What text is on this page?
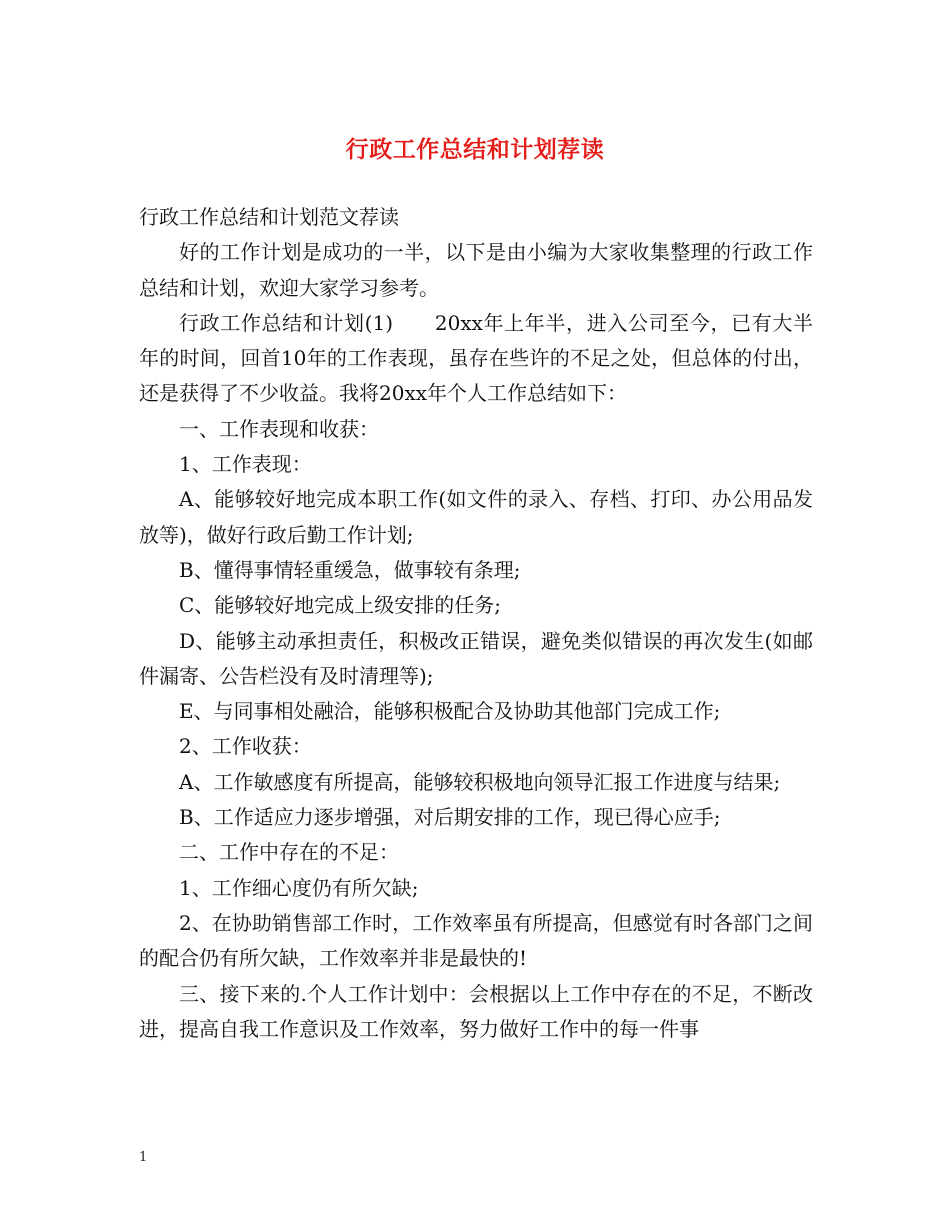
行政工作总结和计划荐读

行政工作总结和计划范文荐读

好的工作计划是成功的一半，以下是由小编为大家收集整理的行政工作总结和计划，欢迎大家学习参考。

行政工作总结和计划(1)　　20xx年上年半，进入公司至今，已有大半年的时间，回首10年的工作表现，虽存在些许的不足之处，但总体的付出，还是获得了不少收益。我将20xx年个人工作总结如下：

一、工作表现和收获：

1、工作表现：

A、能够较好地完成本职工作(如文件的录入、存档、打印、办公用品发放等)，做好行政后勤工作计划;

B、懂得事情轻重缓急，做事较有条理;

C、能够较好地完成上级安排的任务;

D、能够主动承担责任，积极改正错误，避免类似错误的再次发生(如邮件漏寄、公告栏没有及时清理等);

E、与同事相处融洽，能够积极配合及协助其他部门完成工作;

2、工作收获：

A、工作敏感度有所提高，能够较积极地向领导汇报工作进度与结果;

B、工作适应力逐步增强，对后期安排的工作，现已得心应手;

二、工作中存在的不足：

1、工作细心度仍有所欠缺;

2、在协助销售部工作时，工作效率虽有所提高，但感觉有时各部门之间的配合仍有所欠缺，工作效率并非是最快的!

三、接下来的.个人工作计划中：会根据以上工作中存在的不足，不断改进，提高自我工作意识及工作效率，努力做好工作中的每一件事

1
